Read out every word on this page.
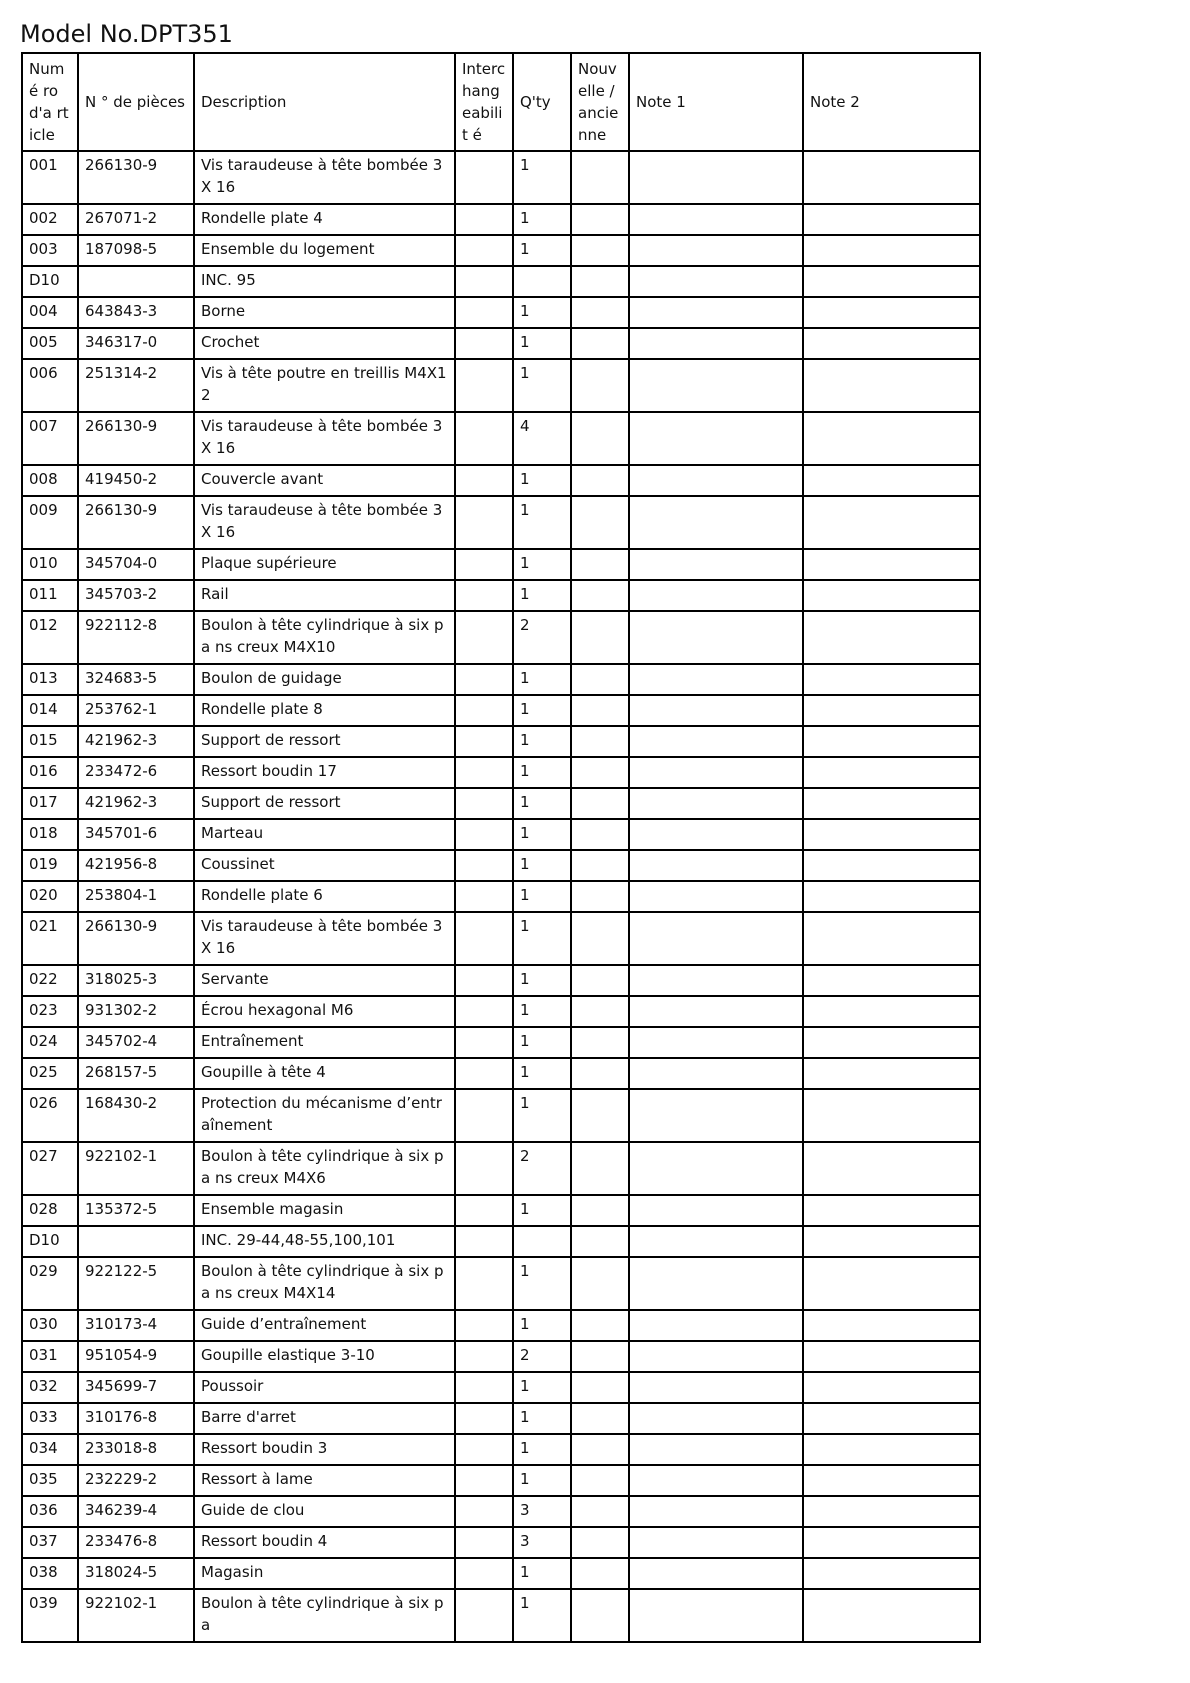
Model No.DPT351
Numé ro d'a rticle	N ° de pièces	Description	Interc hang eabilit é	Q'ty	Nouv elle / ancie nne	Note 1	Note 2
001	266130-9	Vis taraudeuse à tête bombée 3X 16		1			
002	267071-2	Rondelle plate 4		1			
003	187098-5	Ensemble du logement		1			
D10		INC. 95					
004	643843-3	Borne		1			
005	346317-0	Crochet		1			
006	251314-2	Vis à tête poutre en treillis M4X1 2		1			
007	266130-9	Vis taraudeuse à tête bombée 3X 16		4			
008	419450-2	Couvercle avant		1			
009	266130-9	Vis taraudeuse à tête bombée 3X 16		1			
010	345704-0	Plaque supérieure		1			
011	345703-2	Rail		1			
012	922112-8	Boulon à tête cylindrique à six pa ns creux M4X10		2			
013	324683-5	Boulon de guidage		1			
014	253762-1	Rondelle plate 8		1			
015	421962-3	Support de ressort		1			
016	233472-6	Ressort boudin 17		1			
017	421962-3	Support de ressort		1			
018	345701-6	Marteau		1			
019	421956-8	Coussinet		1			
020	253804-1	Rondelle plate 6		1			
021	266130-9	Vis taraudeuse à tête bombée 3X 16		1			
022	318025-3	Servante		1			
023	931302-2	Écrou hexagonal M6		1			
024	345702-4	Entraînement		1			
025	268157-5	Goupille à tête 4		1			
026	168430-2	Protection du mécanisme d’entr aînement		1			
027	922102-1	Boulon à tête cylindrique à six pa ns creux M4X6		2			
028	135372-5	Ensemble magasin		1			
D10		INC. 29-44,48-55,100,101					
029	922122-5	Boulon à tête cylindrique à six pa ns creux M4X14		1			
030	310173-4	Guide d’entraînement		1			
031	951054-9	Goupille elastique 3-10		2			
032	345699-7	Poussoir		1			
033	310176-8	Barre d'arret		1			
034	233018-8	Ressort boudin 3		1			
035	232229-2	Ressort à lame		1			
036	346239-4	Guide de clou		3			
037	233476-8	Ressort boudin 4		3			
038	318024-5	Magasin		1			
039	922102-1	Boulon à tête cylindrique à six pa		1			
